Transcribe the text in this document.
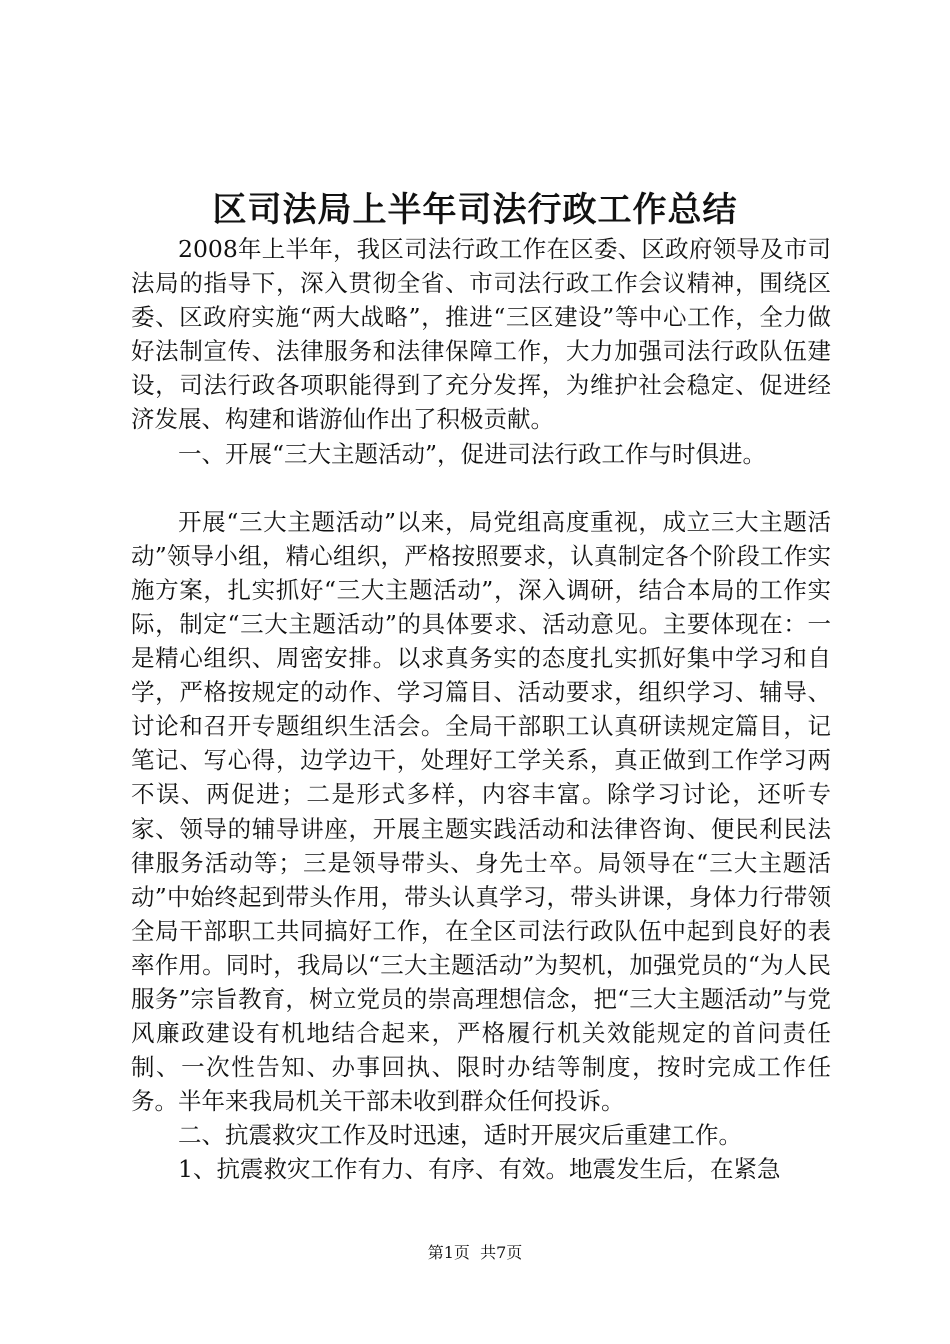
区司法局上半年司法行政工作总结

2008年上半年，我区司法行政工作在区委、区政府领导及市司法局的指导下，深入贯彻全省、市司法行政工作会议精神，围绕区委、区政府实施“两大战略”，推进“三区建设”等中心工作，全力做好法制宣传、法律服务和法律保障工作，大力加强司法行政队伍建设，司法行政各项职能得到了充分发挥，为维护社会稳定、促进经济发展、构建和谐游仙作出了积极贡献。

一、开展“三大主题活动”，促进司法行政工作与时俱进。

开展“三大主题活动”以来，局党组高度重视，成立三大主题活动”领导小组，精心组织，严格按照要求，认真制定各个阶段工作实施方案，扎实抓好“三大主题活动”，深入调研，结合本局的工作实际，制定“三大主题活动”的具体要求、活动意见。主要体现在：一是精心组织、周密安排。以求真务实的态度扎实抓好集中学习和自学，严格按规定的动作、学习篇目、活动要求，组织学习、辅导、讨论和召开专题组织生活会。全局干部职工认真研读规定篇目，记笔记、写心得，边学边干，处理好工学关系，真正做到工作学习两不误、两促进；二是形式多样，内容丰富。除学习讨论，还听专家、领导的辅导讲座，开展主题实践活动和法律咨询、便民利民法律服务活动等；三是领导带头、身先士卒。局领导在“三大主题活动”中始终起到带头作用，带头认真学习，带头讲课，身体力行带领全局干部职工共同搞好工作，在全区司法行政队伍中起到良好的表率作用。同时，我局以“三大主题活动”为契机，加强党员的“为人民服务”宗旨教育，树立党员的崇高理想信念，把“三大主题活动”与党风廉政建设有机地结合起来，严格履行机关效能规定的首问责任制、一次性告知、办事回执、限时办结等制度，按时完成工作任务。半年来我局机关干部未收到群众任何投诉。

二、抗震救灾工作及时迅速，适时开展灾后重建工作。

1、抗震救灾工作有力、有序、有效。地震发生后，在紧急

第1页  共7页
